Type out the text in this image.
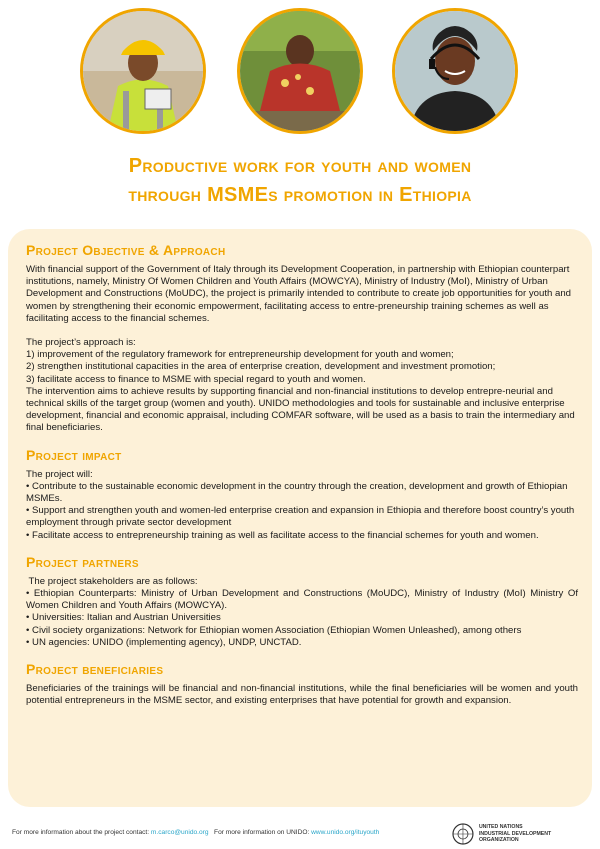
Productive work for youth and women
through MSMEs promotion in Ethiopia
Project Objective & Approach

With financial support of the Government of Italy through its Development Cooperation, in partnership with Ethiopian counterpart institutions, namely, Ministry Of Women Children and Youth Affairs (MOWCYA), Ministry of Industry (MoI), Ministry of Urban Development and Constructions (MoUDC), the project is primarily intended to contribute to create job opportunities for youth and women by strengthening their economic empowerment, facilitating access to entre-preneurship training schemes as well as facilitating access to the financial schemes.

The project’s approach is:

1) improvement of the regulatory framework for entrepreneurship development for youth and women;

2) strengthen institutional capacities in the area of enterprise creation, development and investment promotion;

3) facilitate access to finance to MSME with special regard to youth and women.

The intervention aims to achieve results by supporting financial and non-financial institutions to develop entrepre-neurial and technical skills of the target group (women and youth). UNIDO methodologies and tools for sustainable and inclusive enterprise development, financial and economic appraisal, including COMFAR software, will be used as a basis to train the intermediary and final beneficiaries.

Project impact

The project will:

• Contribute to the sustainable economic development in the country through the creation, development and growth of Ethiopian MSMEs.

• Support and strengthen youth and women-led enterprise creation and expansion in Ethiopia and therefore boost country’s youth employment through private sector development

• Facilitate access to entrepreneurship training as well as facilitate access to the financial schemes for youth and women.

Project partners

The project stakeholders are as follows:

• Ethiopian Counterparts: Ministry of Urban Development and Constructions (MoUDC), Ministry of Industry (MoI) Ministry Of Women Children and Youth Affairs (MOWCYA).

• Universities: Italian and Austrian Universities

• Civil society organizations: Network for Ethiopian women Association (Ethiopian Women Unleashed), among others

• UN agencies: UNIDO (implementing agency), UNDP, UNCTAD.

Project beneficiaries

Beneficiaries of the trainings will be financial and non-financial institutions, while the final beneficiaries will be women and youth potential entrepreneurs in the MSME sector, and existing enterprises that have potential for growth and expansion.

For more information about the project contact: m.carco@unido.org For more information on UNIDO: www.unido.org/ituyouth
UNITED NATIONS
INDUSTRIAL DEVELOPMENT ORGANIZATION
